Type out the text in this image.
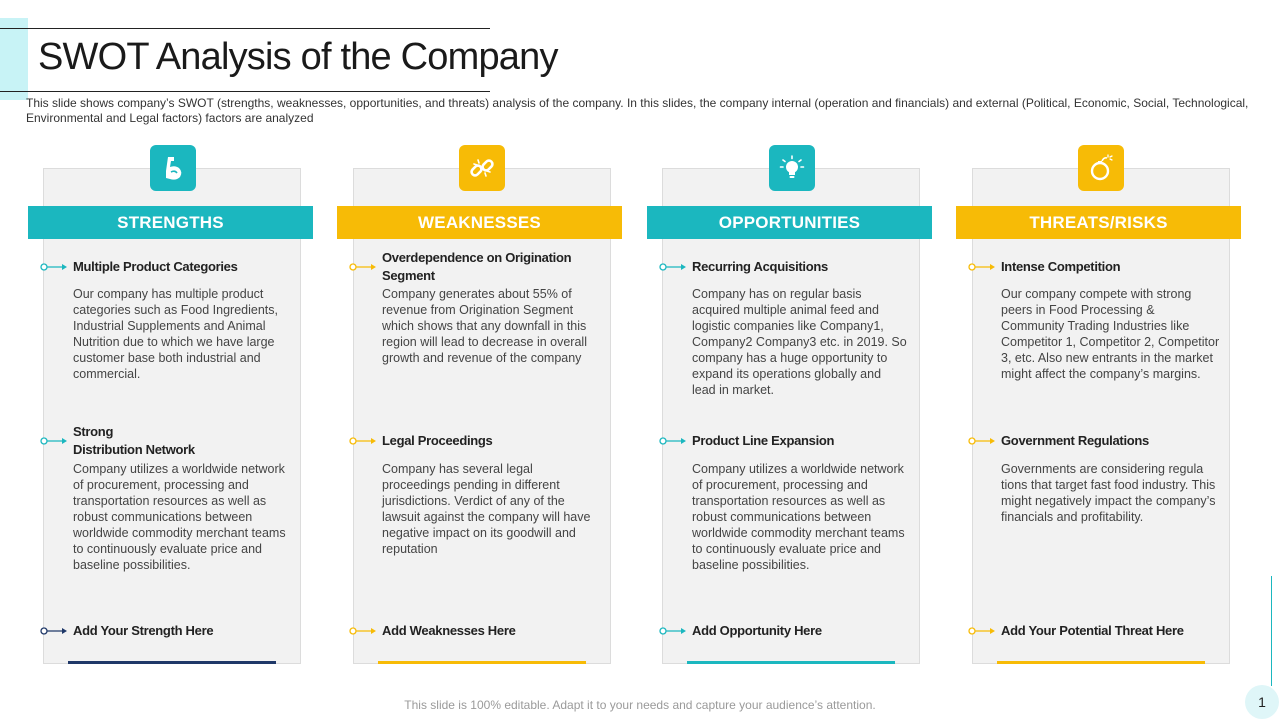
SWOT Analysis of the Company

This slide shows company’s SWOT (strengths, weaknesses, opportunities, and threats) analysis of the company. In this slides, the company internal (operation and financials) and external (Political, Economic, Social, Technological, Environmental and Legal factors) factors are analyzed

STRENGTHS
Multiple Product Categories
Our company has multiple product categories such as Food Ingredients, Industrial Supplements and Animal Nutrition due to which we have large customer base both industrial and commercial.
Strong
Distribution Network
Company utilizes a worldwide network of procurement, processing and transportation resources as well as robust communications between worldwide commodity merchant teams to continuously evaluate price and baseline possibilities.
Add Your Strength Here
WEAKNESSES
Overdependence on Origination Segment
Company generates about 55% of revenue from Origination Segment which shows that any downfall in this region will lead to decrease in overall growth and revenue of the company
Legal Proceedings
Company has several legal proceedings pending in different jurisdictions. Verdict of any of the lawsuit against the company will have negative impact on its goodwill and reputation
Add Weaknesses Here
OPPORTUNITIES
Recurring Acquisitions
Company has on regular basis acquired multiple animal feed and logistic companies like Company1, Company2 Company3 etc. in 2019. So company has a huge opportunity to expand its operations globally and lead in market.
Product Line Expansion
Company utilizes a worldwide network of procurement, processing and transportation resources as well as robust communications between worldwide commodity merchant teams to continuously evaluate price and baseline possibilities.
Add Opportunity Here
THREATS/RISKS
Intense Competition
Our company compete with strong peers in Food Processing & Community Trading Industries like Competitor 1, Competitor 2, Competitor 3, etc. Also new entrants in the market might affect the company’s margins.
Government Regulations
Governments are considering regula tions that target fast food industry. This might negatively impact the company’s financials and profitability.
Add Your Potential Threat Here
This slide is 100% editable. Adapt it to your needs and capture your audience’s attention.	1
